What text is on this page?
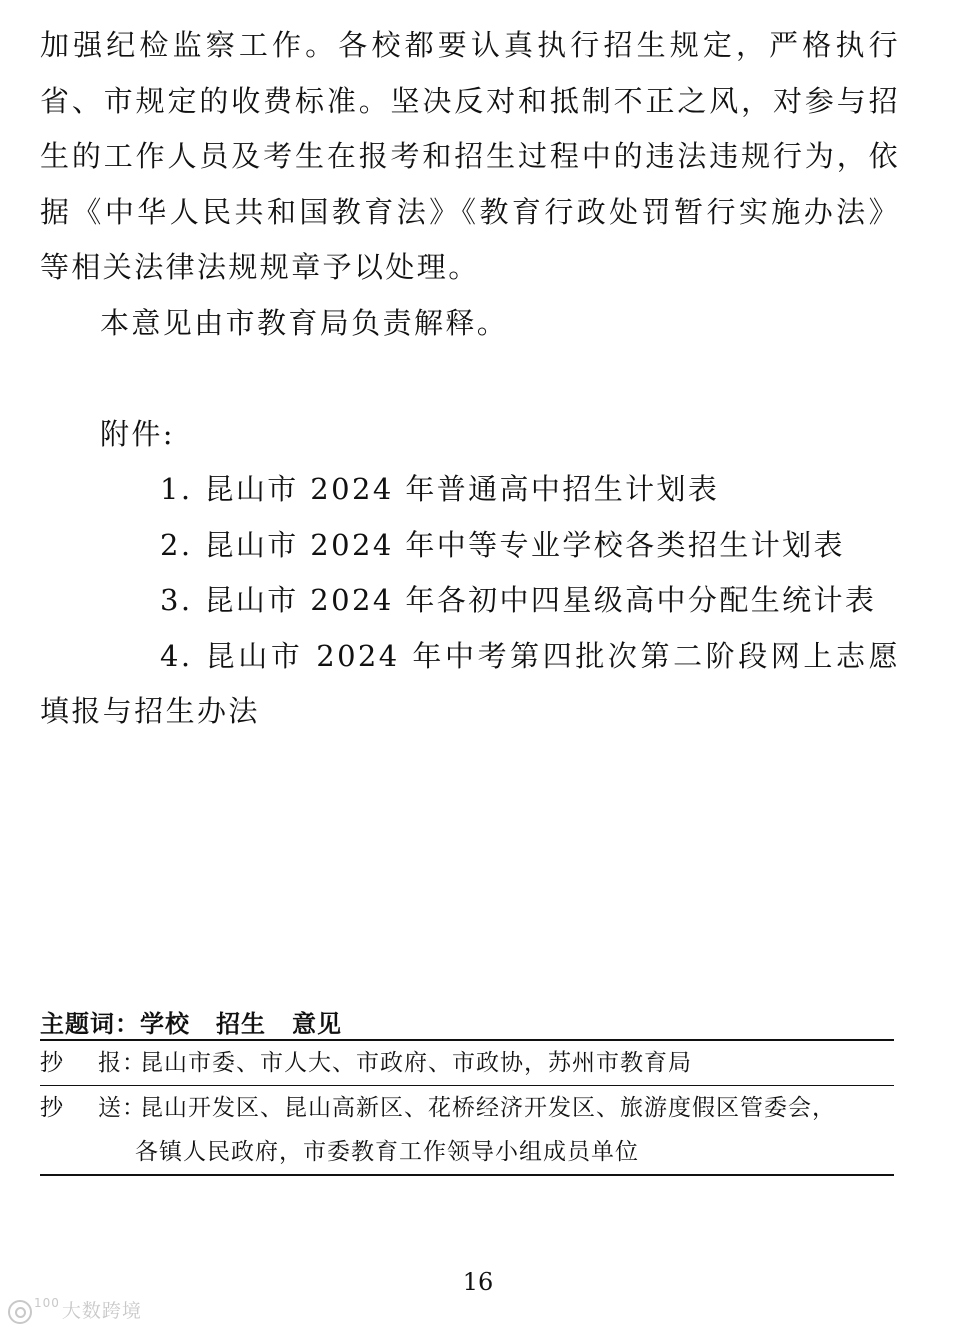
加强纪检监察工作。各校都要认真执行招生规定，严格执行省、市规定的收费标准。坚决反对和抵制不正之风，对参与招生的工作人员及考生在报考和招生过程中的违法违规行为，依据《中华人民共和国教育法》《教育行政处罚暂行实施办法》等相关法律法规规章予以处理。

本意见由市教育局负责解释。

附件:

1. 昆山市 2024 年普通高中招生计划表

2. 昆山市 2024 年中等专业学校各类招生计划表

3. 昆山市 2024 年各初中四星级高中分配生统计表

4. 昆山市 2024 年中考第四批次第二阶段网上志愿填报与招生办法

主题词：学校 招生 意见
抄 报：昆山市委、市人大、市政府、市政协，苏州市教育局
抄 送：昆山开发区、昆山高新区、花桥经济开发区、旅游度假区管委会，
各镇人民政府，市委教育工作领导小组成员单位
16
$^{100}$ 大数跨境
